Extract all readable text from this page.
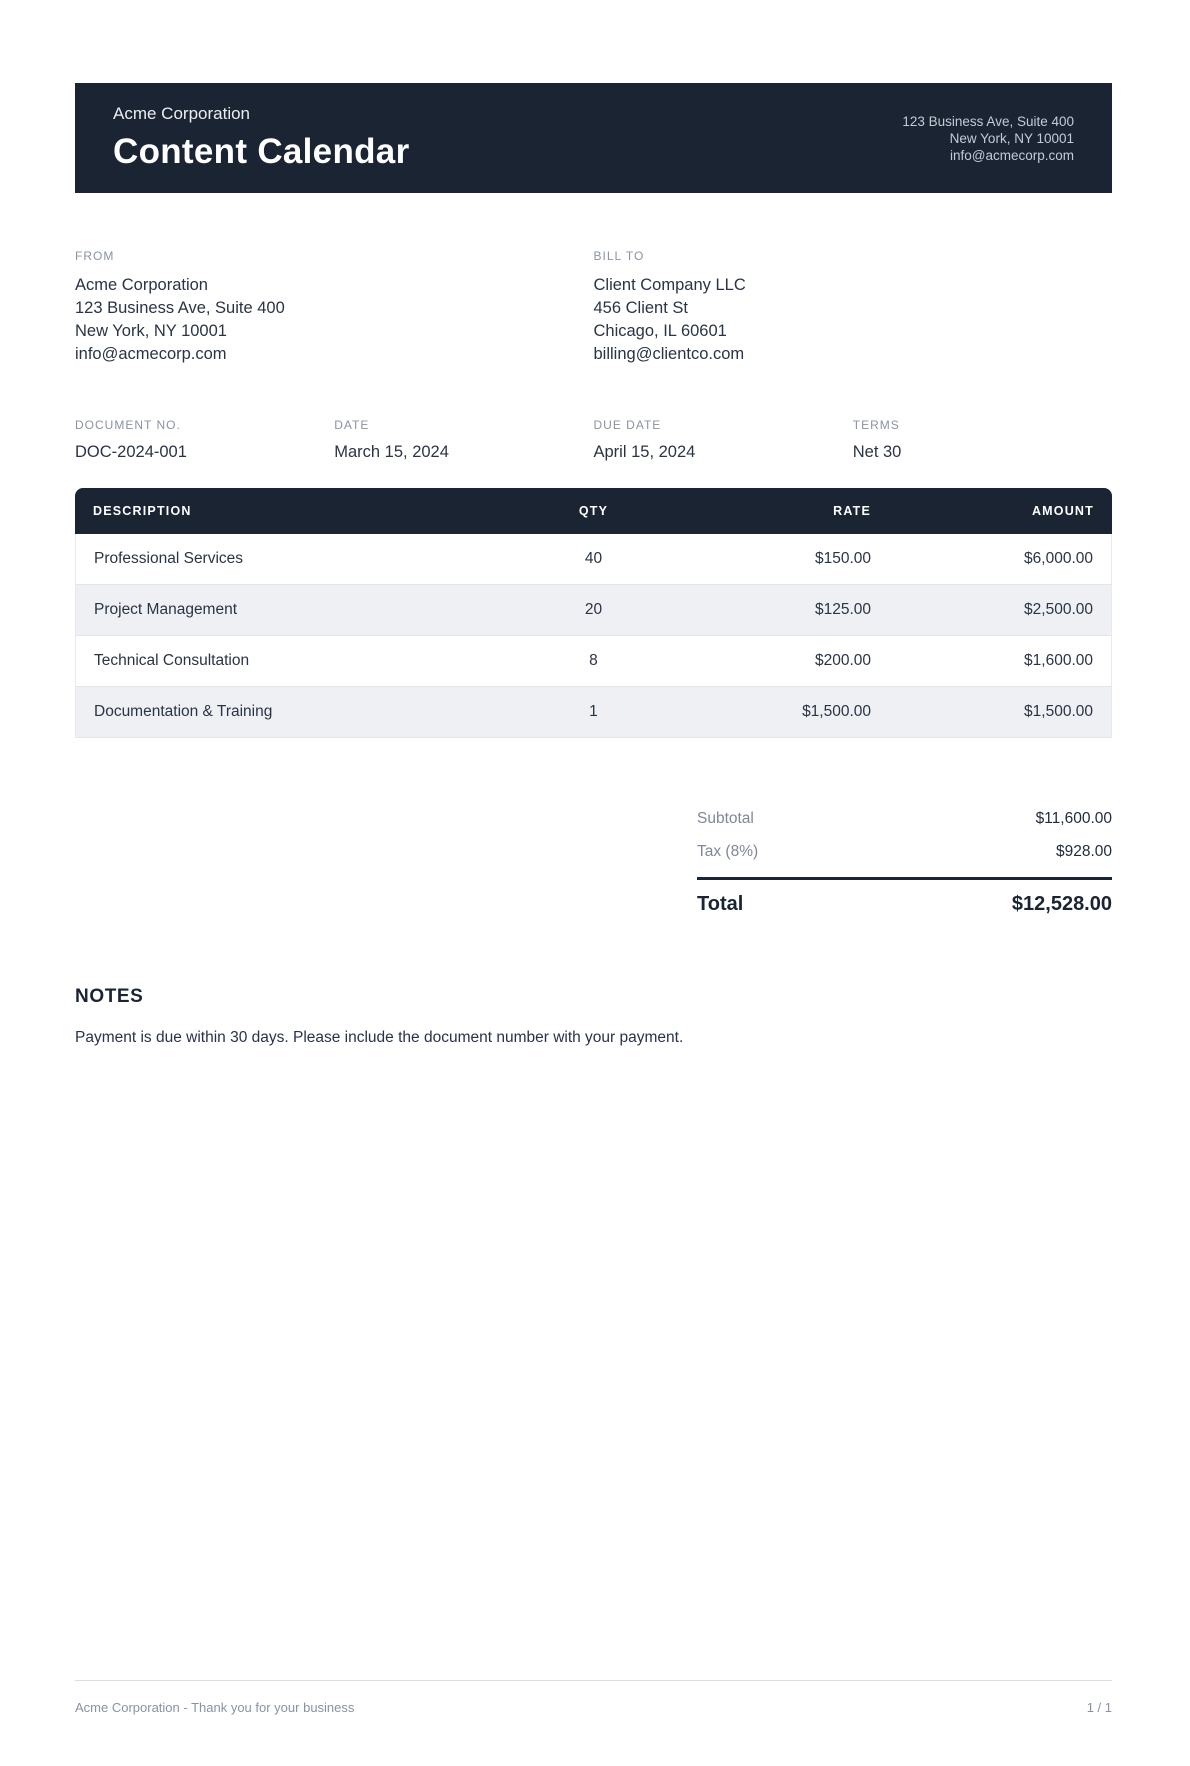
Acme Corporation
Content Calendar
123 Business Ave, Suite 400
New York, NY 10001
info@acmecorp.com
FROM
Acme Corporation
123 Business Ave, Suite 400
New York, NY 10001
info@acmecorp.com
BILL TO
Client Company LLC
456 Client St
Chicago, IL 60601
billing@clientco.com
DOCUMENT NO.
DOC-2024-001
DATE
March 15, 2024
DUE DATE
April 15, 2024
TERMS
Net 30
DESCRIPTION	QTY	RATE	AMOUNT
Professional Services	40	$150.00	$6,000.00
Project Management	20	$125.00	$2,500.00
Technical Consultation	8	$200.00	$1,600.00
Documentation & Training	1	$1,500.00	$1,500.00
Subtotal	$11,600.00
Tax (8%)	$928.00
Total	$12,528.00
NOTES
Payment is due within 30 days. Please include the document number with your payment.
Acme Corporation - Thank you for your business	1 / 1
